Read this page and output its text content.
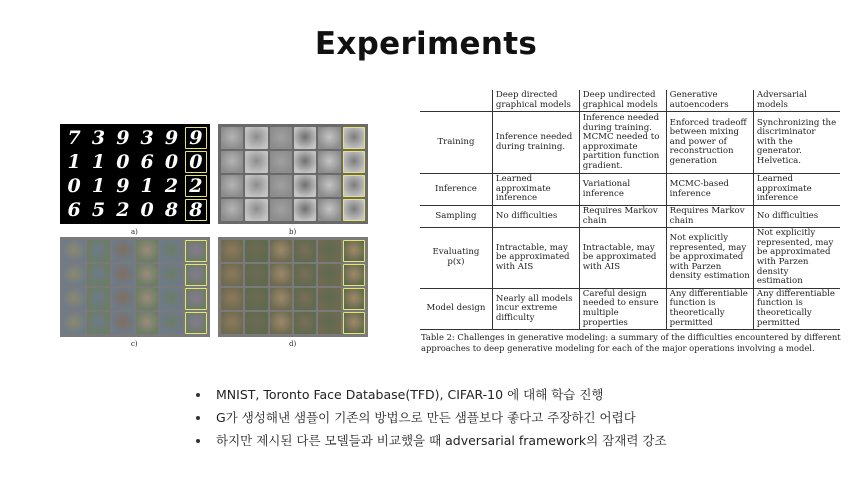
Experiments
7 3 9 3 9 9
1 1 0 6 0 0
0 1 9 1 2 2
6 5 2 0 8 8
a)	b)
c)	d)
	Deep directed graphical models	Deep undirected graphical models	Generative autoencoders	Adversarial models
Training	Inference needed during training.	Inference needed during training. MCMC needed to approximate partition function gradient.	Enforced tradeoff between mixing and power of reconstruction generation	Synchronizing the discriminator with the generator. Helvetica.
Inference	Learned approximate inference	Variational inference	MCMC-based inference	Learned approximate inference
Sampling	No difficulties	Requires Markov chain	Requires Markov chain	No difficulties
Evaluating p(x)	Intractable, may be approximated with AIS	Intractable, may be approximated with AIS	Not explicitly represented, may be approximated with Parzen density estimation	Not explicitly represented, may be approximated with Parzen density estimation
Model design	Nearly all models incur extreme difficulty	Careful design needed to ensure multiple properties	Any differentiable function is theoretically permitted	Any differentiable function is theoretically permitted
Table 2: Challenges in generative modeling: a summary of the difficulties encountered by different approaches to deep generative modeling for each of the major operations involving a model.
MNIST, Toronto Face Database(TFD), CIFAR-10 에 대해 학습 진행
G가 생성해낸 샘플이 기존의 방법으로 만든 샘플보다 좋다고 주장하긴 어렵다
하지만 제시된 다른 모델들과 비교했을 때 adversarial framework의 잠재력 강조
